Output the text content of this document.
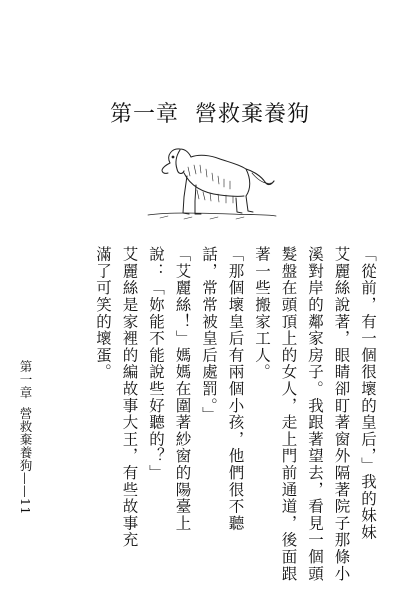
第一章 營救棄養狗
「從前，有一個很壞的皇后，」我的妹妹
艾麗絲說著，眼睛卻盯著窗外隔著院子那條小
溪對岸的鄰家房子。我跟著望去，看見一個頭
髮盤在頭頂上的女人，走上門前通道，後面跟
著一些搬家工人。
「那個壞皇后有兩個小孩，他們很不聽
話，常常被皇后處罰。」
「艾麗絲！」媽媽在圍著紗窗的陽臺上
說：「妳能不能說些好聽的？」
艾麗絲是家裡的編故事大王，有些故事充
滿了可笑的壞蛋。
第一章營救棄養狗——11
